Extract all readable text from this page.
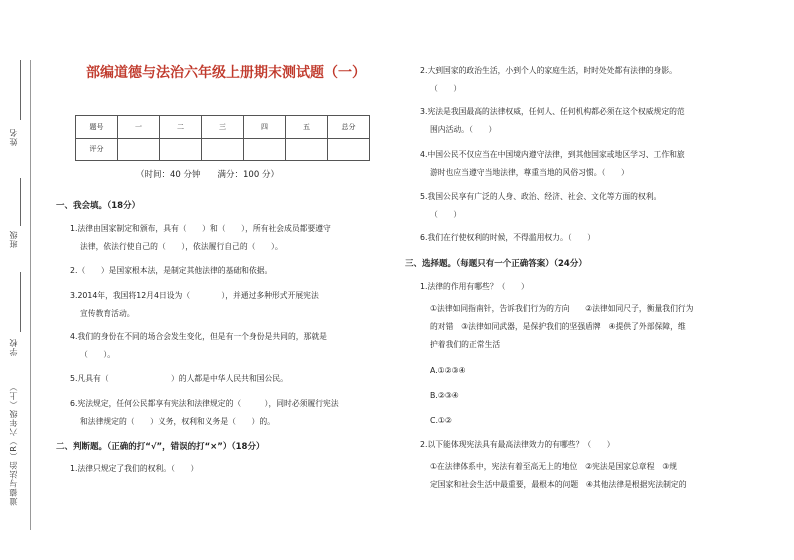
姓名
班级
学校
道德与法治（R）六年级（上）
部编道德与法治六年级上册期末测试题（一）
题号	一	二	三	四	五	总分
评分						
（时间：40 分钟　　满分：100 分）
一、我会填。（18分）

1.法律由国家制定和颁布，具有（　　）和（　　），所有社会成员都要遵守

法律，依法行使自己的（　　），依法履行自己的（　　）。

2.（　　）是国家根本法，是制定其他法律的基础和依据。

3.2014年，我国将12月4日设为（　　　　），并通过多种形式开展宪法

宣传教育活动。

4.我们的身份在不同的场合会发生变化，但是有一个身份是共同的，那就是

（　　）。

5.凡具有（　　　　　　　　）的人都是中华人民共和国公民。

6.宪法规定，任何公民都享有宪法和法律规定的（　　　），同时必须履行宪法

和法律规定的（　　）义务，权利和义务是（　　）的。

二、判断题。（正确的打“√”，错误的打“×”）（18分）

1.法律只规定了我们的权利。（　　）

2.大到国家的政治生活，小到个人的家庭生活，时时处处都有法律的身影。

（　　）

3.宪法是我国最高的法律权威，任何人、任何机构都必须在这个权威规定的范

围内活动。（　　）

4.中国公民不仅应当在中国境内遵守法律，到其他国家或地区学习、工作和旅

游时也应当遵守当地法律，尊重当地的风俗习惯。（　　）

5.我国公民享有广泛的人身、政治、经济、社会、文化等方面的权利。

（　　）

6.我们在行使权利的时候，不得滥用权力。（　　）

三、选择题。（每题只有一个正确答案）（24分）

1.法律的作用有哪些？（　　）

①法律如同指南针，告诉我们行为的方向　　②法律如同尺子，衡量我们行为

的对错　③法律如同武器，是保护我们的坚强盾牌　④提供了外部保障，维

护着我们的正常生活

A.①②③④

B.②③④

C.①②

2.以下能体现宪法具有最高法律效力的有哪些？（　　）

①在法律体系中，宪法有着至高无上的地位　②宪法是国家总章程　③规

定国家和社会生活中最重要，最根本的问题　④其他法律是根据宪法制定的
